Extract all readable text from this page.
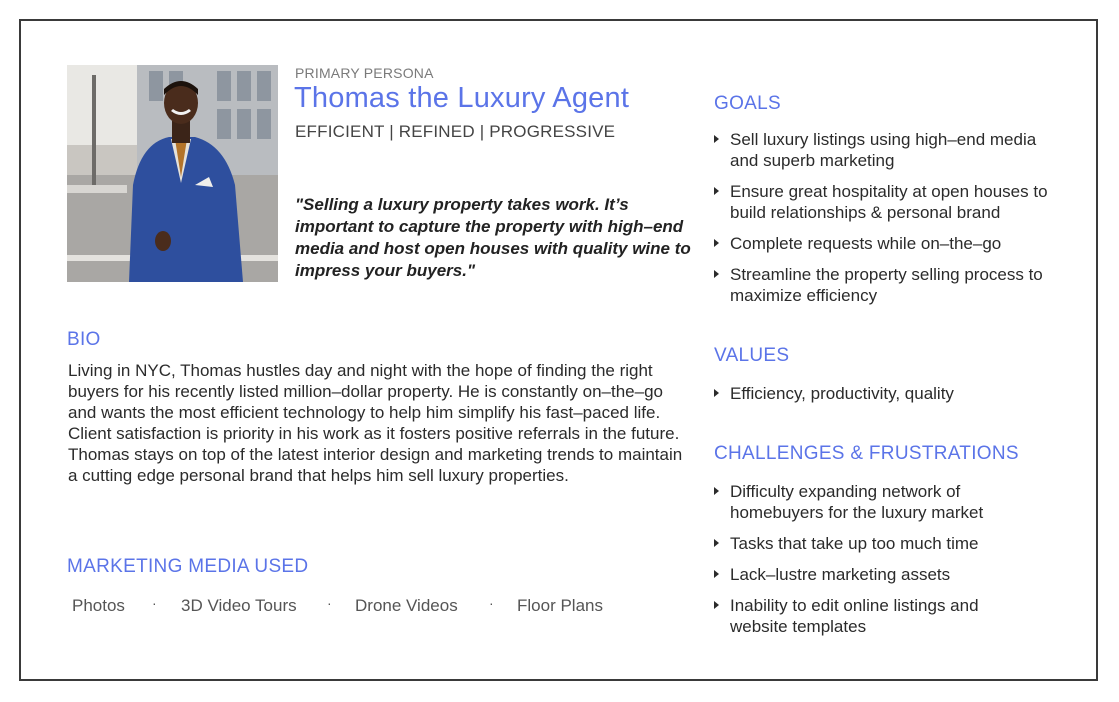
PRIMARY PERSONA
Thomas the Luxury Agent
EFFICIENT | REFINED | PROGRESSIVE
"Selling a luxury property takes work. It’s important to capture the property with high–end media and host open houses with quality wine to impress your buyers."
BIO
Living in NYC, Thomas hustles day and night with the hope of finding the right buyers for his recently listed million–dollar property. He is constantly on–the–go and wants the most efficient technology to help him simplify his fast–paced life. Client satisfaction is priority in his work as it fosters positive referrals in the future. Thomas stays on top of the latest interior design and marketing trends to maintain a cutting edge personal brand that helps him sell luxury properties.
MARKETING MEDIA USED
Photos · 3D Video Tours · Drone Videos · Floor Plans
GOALS
Sell luxury listings using high–end media and superb marketing
Ensure great hospitality at open houses to build relationships & personal brand
Complete requests while on–the–go
Streamline the property selling process to maximize efficiency
VALUES
Efficiency, productivity, quality
CHALLENGES & FRUSTRATIONS
Difficulty expanding network of homebuyers for the luxury market
Tasks that take up too much time
Lack–lustre marketing assets
Inability to edit online listings and website templates
